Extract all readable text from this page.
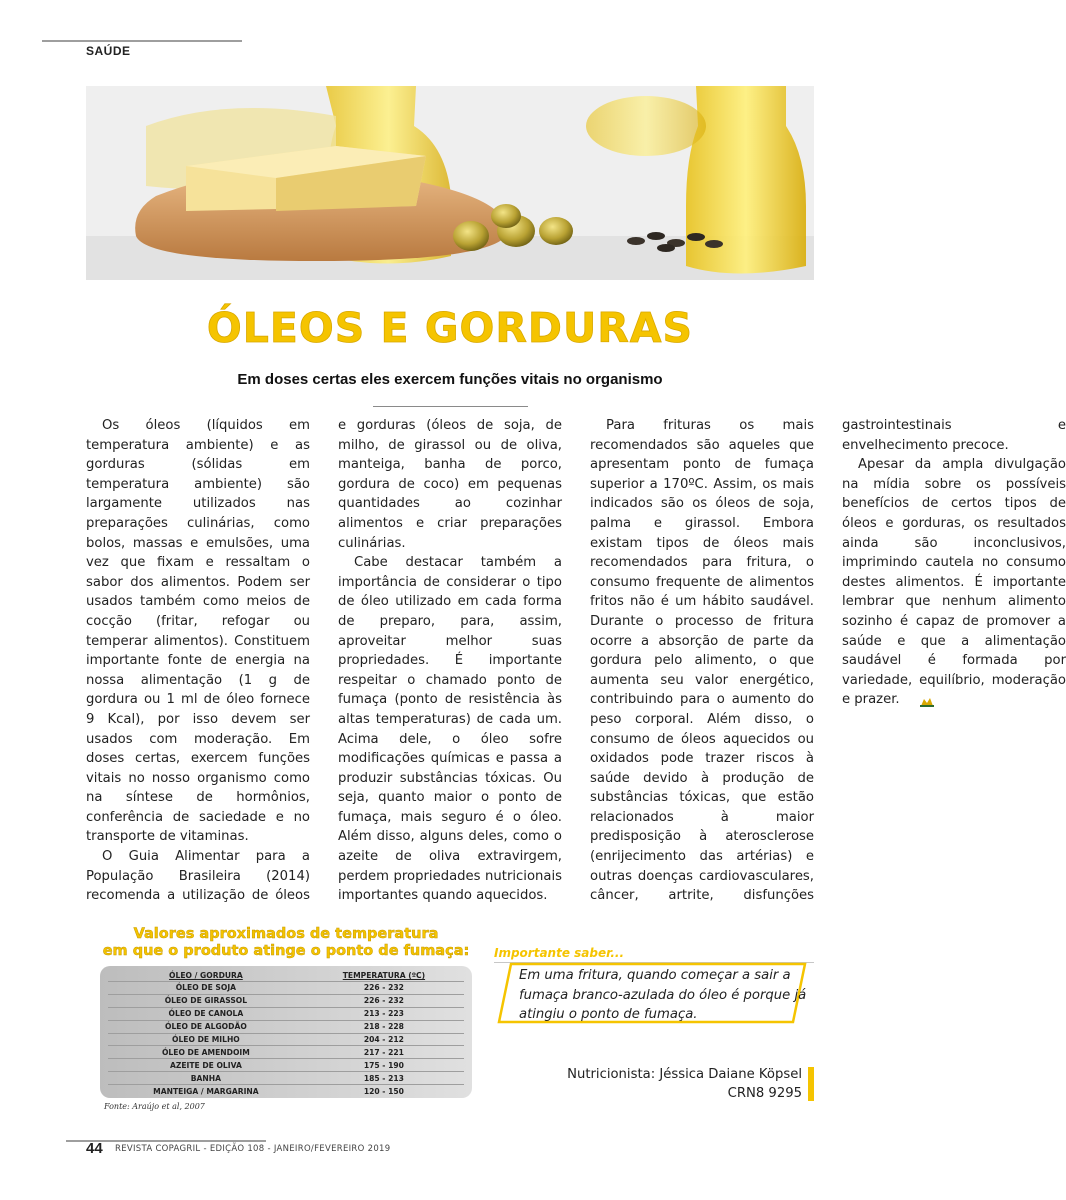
SAÚDE
ÓLEOS E GORDURAS
Em doses certas eles exercem funções vitais no organismo

Os óleos (líquidos em temperatura ambiente) e as gorduras (sólidas em temperatura ambiente) são largamente utilizados nas preparações culinárias, como bolos, massas e emulsões, uma vez que fixam e ressaltam o sabor dos alimentos. Podem ser usados também como meios de cocção (fritar, refogar ou temperar alimentos). Constituem importante fonte de energia na nossa alimentação (1 g de gordura ou 1 ml de óleo fornece 9 Kcal), por isso devem ser usados com moderação. Em doses certas, exercem funções vitais no nosso organismo como na síntese de hormônios, conferência de saciedade e no transporte de vitaminas.

O Guia Alimentar para a População Brasileira (2014) recomenda a utilização de óleos e gorduras (óleos de soja, de milho, de girassol ou de oliva, manteiga, banha de porco, gordura de coco) em pequenas quantidades ao cozinhar alimentos e criar preparações culinárias.

Cabe destacar também a importância de considerar o tipo de óleo utilizado em cada forma de preparo, para, assim, aproveitar melhor suas propriedades. É importante respeitar o chamado ponto de fumaça (ponto de resistência às altas temperaturas) de cada um. Acima dele, o óleo sofre modificações químicas e passa a produzir substâncias tóxicas. Ou seja, quanto maior o ponto de fumaça, mais seguro é o óleo. Além disso, alguns deles, como o azeite de oliva extravirgem, perdem propriedades nutricionais importantes quando aquecidos.

Para frituras os mais recomendados são aqueles que apresentam ponto de fumaça superior a 170ºC. Assim, os mais indicados são os óleos de soja, palma e girassol. Embora existam tipos de óleos mais recomendados para fritura, o consumo frequente de alimentos fritos não é um hábito saudável. Durante o processo de fritura ocorre a absorção de parte da gordura pelo alimento, o que aumenta seu valor energético, contribuindo para o aumento do peso corporal. Além disso, o consumo de óleos aquecidos ou oxidados pode trazer riscos à saúde devido à produção de substâncias tóxicas, que estão relacionados à maior predisposição à aterosclerose (enrijecimento das artérias) e outras doenças cardiovasculares, câncer, artrite, disfunções gastrointestinais e envelhecimento precoce.

Apesar da ampla divulgação na mídia sobre os possíveis benefícios de certos tipos de óleos e gorduras, os resultados ainda são inconclusivos, imprimindo cautela no consumo destes alimentos. É importante lembrar que nenhum alimento sozinho é capaz de promover a saúde e que a alimentação saudável é formada por variedade, equilíbrio, moderação e prazer.

Valores aproximados de temperatura
em que o produto atinge o ponto de fumaça:
ÓLEO / GORDURA	TEMPERATURA (ºC)
ÓLEO DE SOJA	226 - 232
ÓLEO DE GIRASSOL	226 - 232
ÓLEO DE CANOLA	213 - 223
ÓLEO DE ALGODÃO	218 - 228
ÓLEO DE MILHO	204 - 212
ÓLEO DE AMENDOIM	217 - 221
AZEITE DE OLIVA	175 - 190
BANHA	185 - 213
MANTEIGA / MARGARINA	120 - 150
Fonte: Araújo et al, 2007
Importante saber...
Em uma fritura, quando começar a sair a fumaça branco-azulada do óleo é porque já atingiu o ponto de fumaça.
Nutricionista: Jéssica Daiane Köpsel
CRN8 9295
44 REVISTA COPAGRIL - EDIÇÃO 108 - JANEIRO/FEVEREIRO 2019
